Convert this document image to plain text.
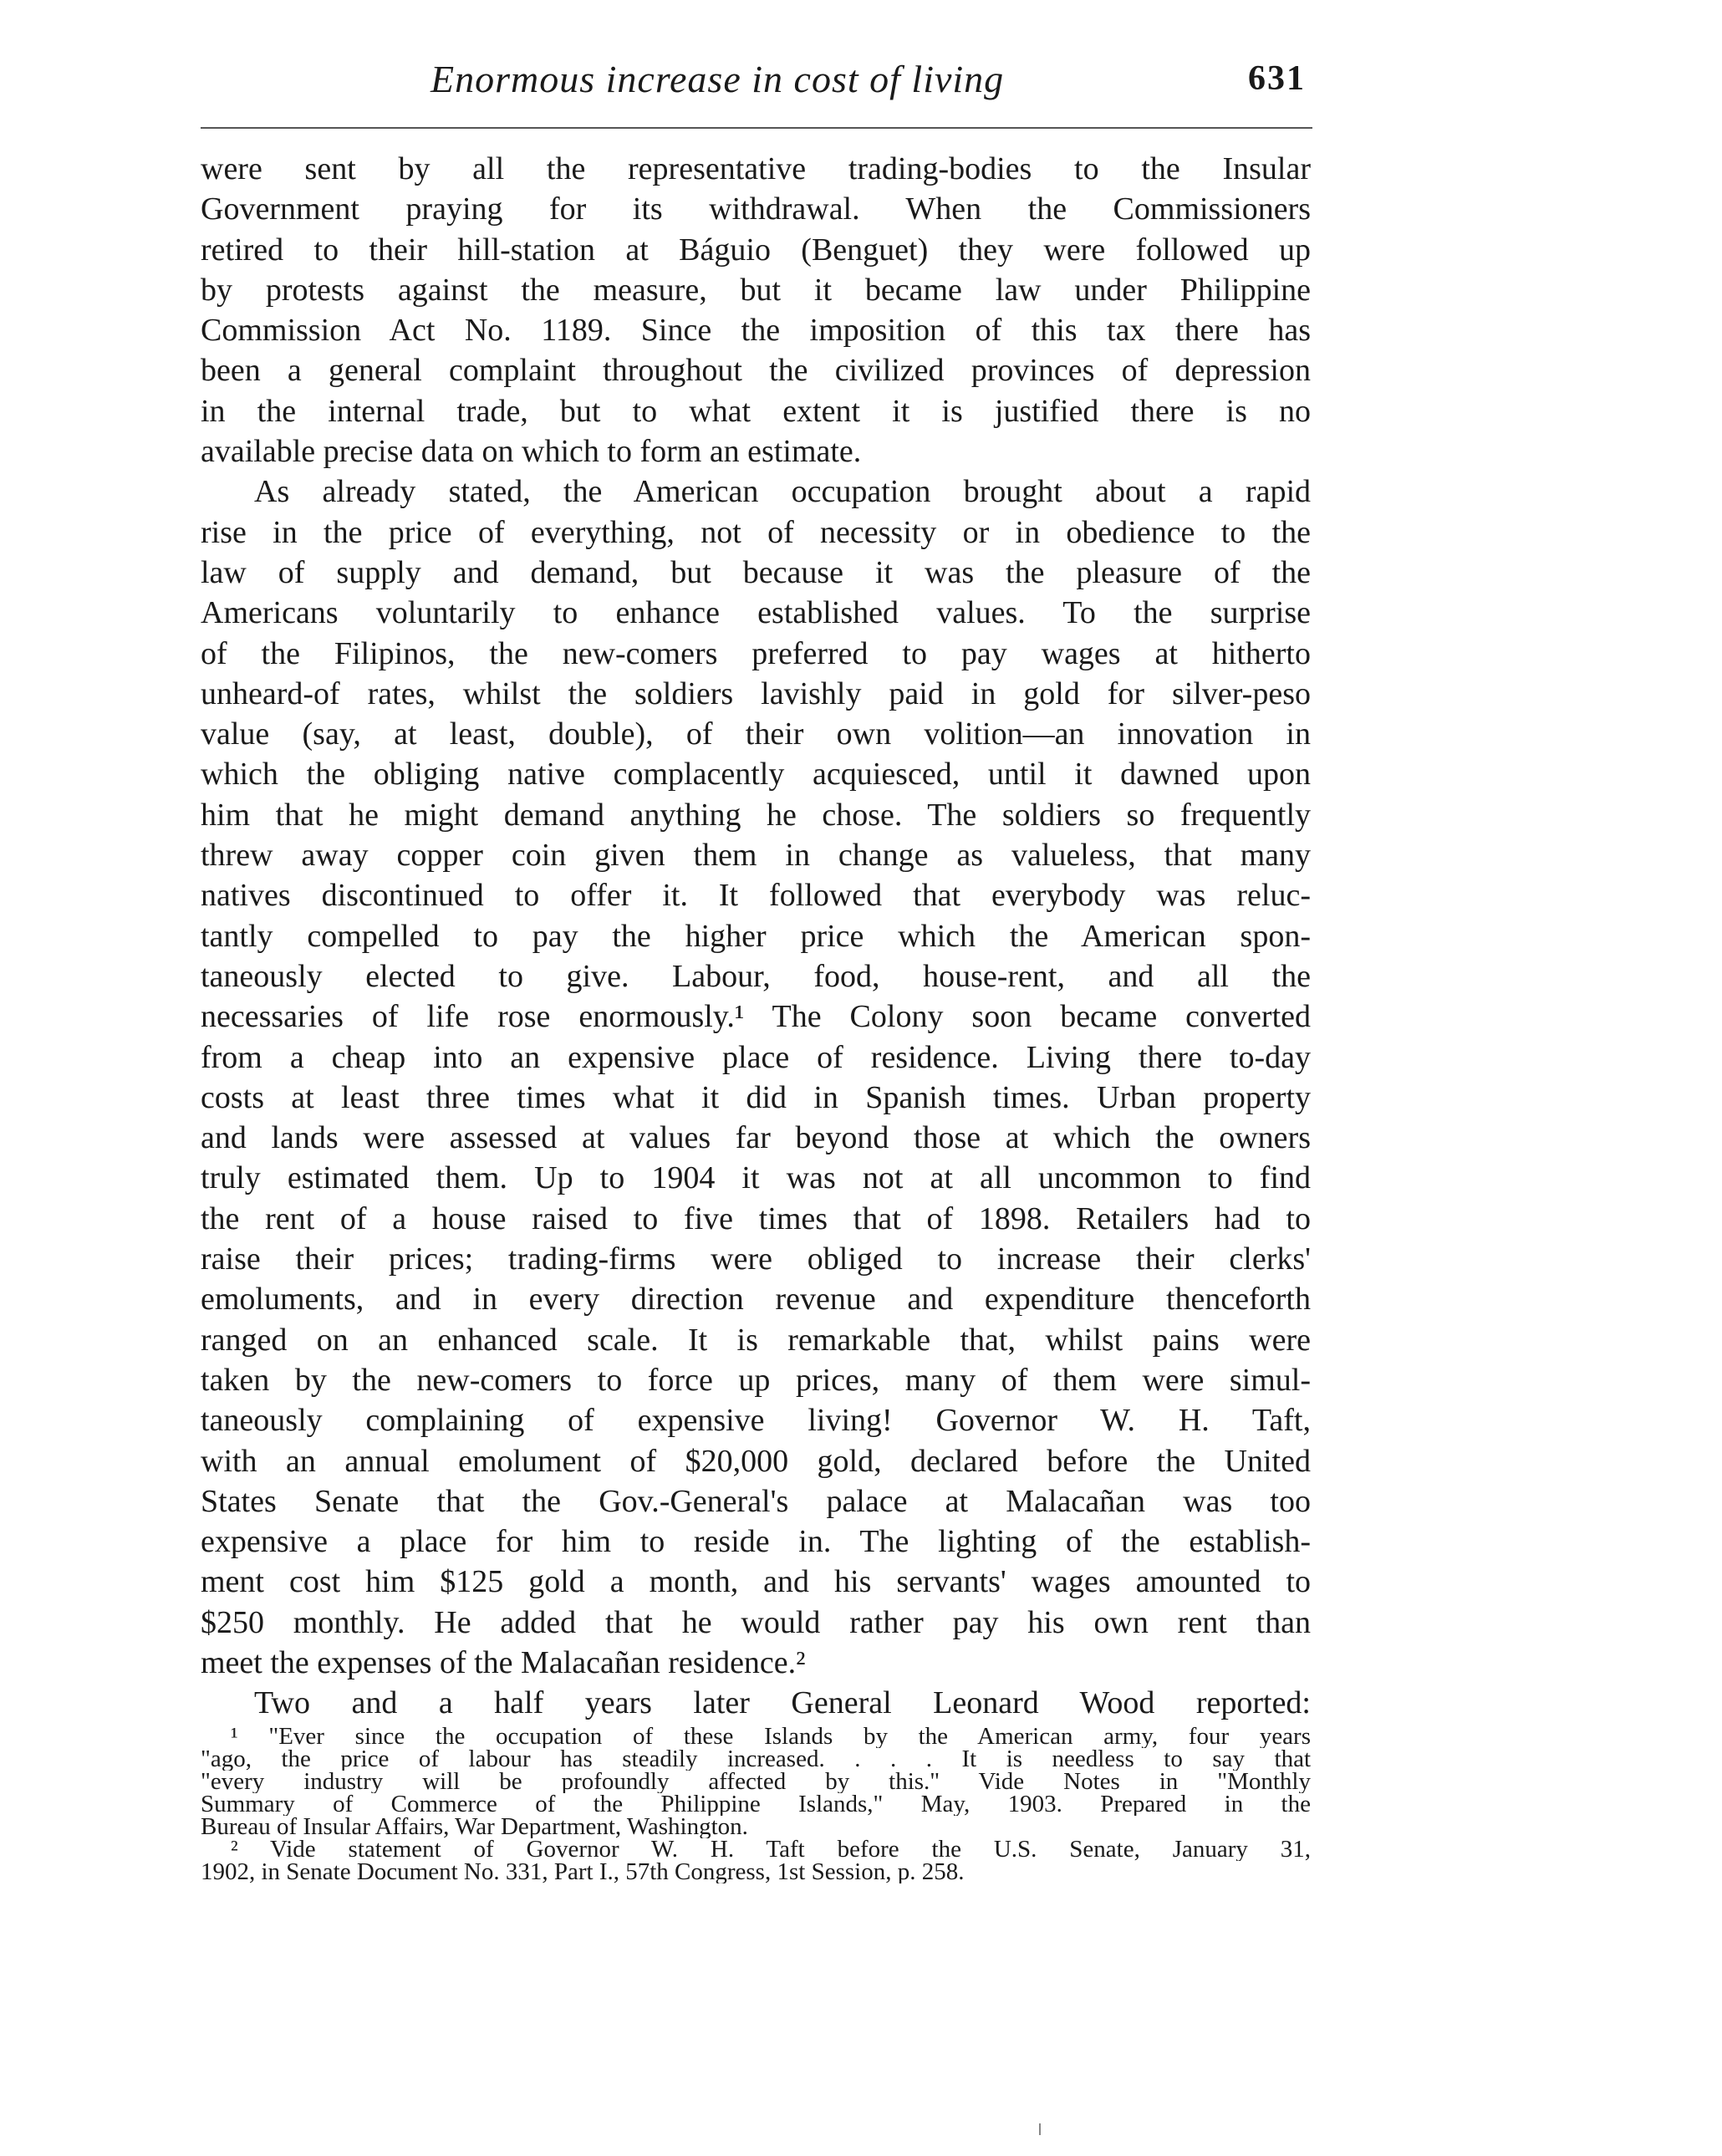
Enormous increase in cost of living	631
were sent by all the representative trading-bodies to the Insular
Government praying for its withdrawal. When the Commissioners
retired to their hill-station at Báguio (Benguet) they were followed up
by protests against the measure, but it became law under Philippine
Commission Act No. 1189. Since the imposition of this tax there has
been a general complaint throughout the civilized provinces of depression
in the internal trade, but to what extent it is justified there is no
available precise data on which to form an estimate.
As already stated, the American occupation brought about a rapid
rise in the price of everything, not of necessity or in obedience to the
law of supply and demand, but because it was the pleasure of the
Americans voluntarily to enhance established values. To the surprise
of the Filipinos, the new-comers preferred to pay wages at hitherto
unheard-of rates, whilst the soldiers lavishly paid in gold for silver-peso
value (say, at least, double), of their own volition—an innovation in
which the obliging native complacently acquiesced, until it dawned upon
him that he might demand anything he chose. The soldiers so frequently
threw away copper coin given them in change as valueless, that many
natives discontinued to offer it. It followed that everybody was reluc-
tantly compelled to pay the higher price which the American spon-
taneously elected to give. Labour, food, house-rent, and all the
necessaries of life rose enormously.¹ The Colony soon became converted
from a cheap into an expensive place of residence. Living there to-day
costs at least three times what it did in Spanish times. Urban property
and lands were assessed at values far beyond those at which the owners
truly estimated them. Up to 1904 it was not at all uncommon to find
the rent of a house raised to five times that of 1898. Retailers had to
raise their prices; trading-firms were obliged to increase their clerks'
emoluments, and in every direction revenue and expenditure thenceforth
ranged on an enhanced scale. It is remarkable that, whilst pains were
taken by the new-comers to force up prices, many of them were simul-
taneously complaining of expensive living! Governor W. H. Taft,
with an annual emolument of $20,000 gold, declared before the United
States Senate that the Gov.-General's palace at Malacañan was too
expensive a place for him to reside in. The lighting of the establish-
ment cost him $125 gold a month, and his servants' wages amounted to
$250 monthly. He added that he would rather pay his own rent than
meet the expenses of the Malacañan residence.²
Two and a half years later General Leonard Wood reported:
¹ "Ever since the occupation of these Islands by the American army, four years
"ago, the price of labour has steadily increased. . . . It is needless to say that
"every industry will be profoundly affected by this." Vide Notes in "Monthly
Summary of Commerce of the Philippine Islands," May, 1903. Prepared in the
Bureau of Insular Affairs, War Department, Washington.
² Vide statement of Governor W. H. Taft before the U.S. Senate, January 31,
1902, in Senate Document No. 331, Part I., 57th Congress, 1st Session, p. 258.
